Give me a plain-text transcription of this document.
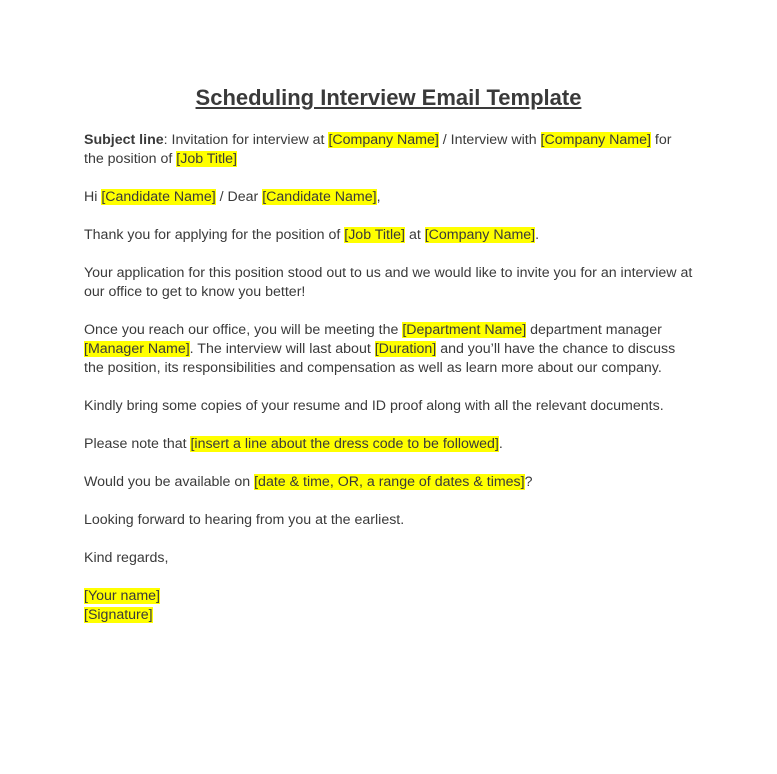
Scheduling Interview Email Template

Subject line: Invitation for interview at [Company Name] / Interview with [Company Name] for the position of [Job Title]

Hi [Candidate Name] / Dear [Candidate Name],

Thank you for applying for the position of [Job Title] at [Company Name].

Your application for this position stood out to us and we would like to invite you for an interview at our office to get to know you better!

Once you reach our office, you will be meeting the [Department Name] department manager [Manager Name]. The interview will last about [Duration] and you’ll have the chance to discuss the position, its responsibilities and compensation as well as learn more about our company.

Kindly bring some copies of your resume and ID proof along with all the relevant documents.

Please note that [insert a line about the dress code to be followed].

Would you be available on [date & time, OR, a range of dates & times]?

Looking forward to hearing from you at the earliest.

Kind regards,

[Your name]
[Signature]
